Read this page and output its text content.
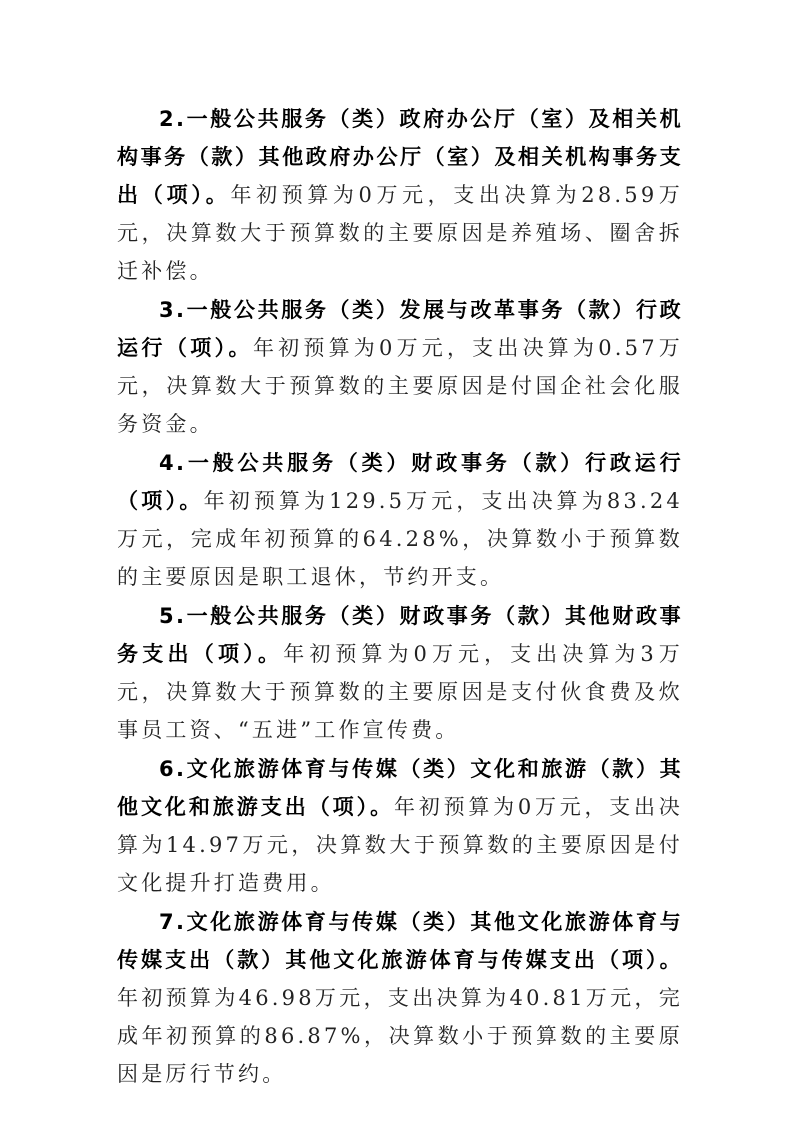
2.一般公共服务（类）政府办公厅（室）及相关机构事务（款）其他政府办公厅（室）及相关机构事务支出（项）。年初预算为0万元，支出决算为28.59万元，决算数大于预算数的主要原因是养殖场、圈舍拆迁补偿。

3.一般公共服务（类）发展与改革事务（款）行政运行（项）。年初预算为0万元，支出决算为0.57万元，决算数大于预算数的主要原因是付国企社会化服务资金。

4.一般公共服务（类）财政事务（款）行政运行（项）。年初预算为129.5万元，支出决算为83.24万元，完成年初预算的64.28%，决算数小于预算数的主要原因是职工退休，节约开支。

5.一般公共服务（类）财政事务（款）其他财政事务支出（项）。年初预算为0万元，支出决算为3万元，决算数大于预算数的主要原因是支付伙食费及炊事员工资、“五进”工作宣传费。

6.文化旅游体育与传媒（类）文化和旅游（款）其他文化和旅游支出（项）。年初预算为0万元，支出决算为14.97万元，决算数大于预算数的主要原因是付文化提升打造费用。

7.文化旅游体育与传媒（类）其他文化旅游体育与传媒支出（款）其他文化旅游体育与传媒支出（项）。年初预算为46.98万元，支出决算为40.81万元，完成年初预算的86.87%，决算数小于预算数的主要原因是厉行节约。
